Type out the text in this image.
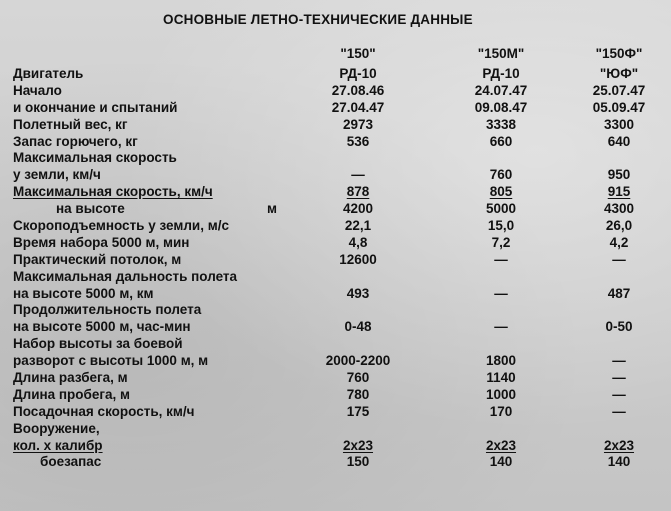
ОСНОВНЫЕ ЛЕТНО-ТЕХНИЧЕСКИЕ ДАННЫЕ
"150"	"150М"	"150Ф"
Двигатель	РД-10	РД-10	"ЮФ"
Начало	27.08.46	24.07.47	25.07.47
и окончание и спытаний	27.04.47	09.08.47	05.09.47
Полетный вес, кг	2973	3338	3300
Запас горючего, кг	536	660	640
Максимальная скорость
у земли, км/ч	—	760	950
Максимальная скорость, км/ч	878	805	915
на высоте	м	4200	5000	4300
Скороподъемность у земли, м/с	22,1	15,0	26,0
Время набора 5000 м, мин	4,8	7,2	4,2
Практический потолок, м	12600	—	—
Максимальная дальность полета
на высоте 5000 м, км	493	—	487
Продолжительность полета
на высоте 5000 м, час-мин	0-48	—	0-50
Набор высоты за боевой
разворот с высоты 1000 м, м	2000-2200	1800	—
Длина разбега, м	760	1140	—
Длина пробега, м	780	1000	—
Посадочная скорость, км/ч	175	170	—
Вооружение,
кол. х калибр	2x23	2x23	2x23
боезапас	150	140	140
